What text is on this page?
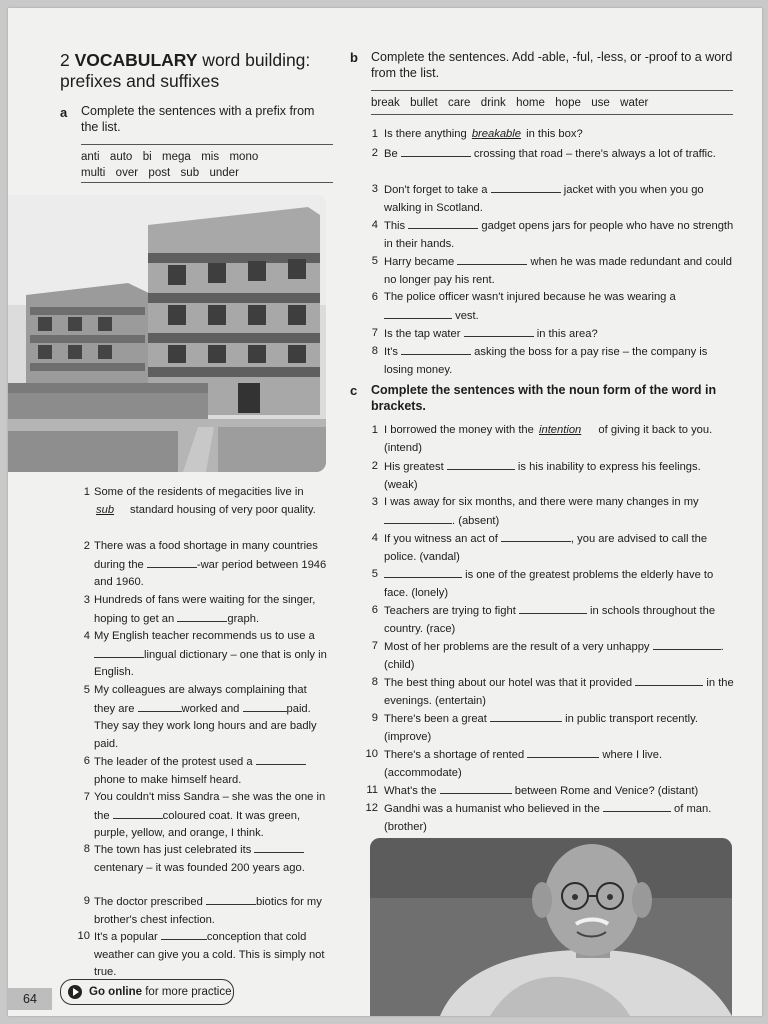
2 VOCABULARY word building:
prefixes and suffixes
a Complete the sentences with a prefix from the list.
anti  auto  bi  mega  mis  mono
multi  over  post  sub  under
1 Some of the residents of megacities live in sub standard housing of very poor quality.
2 There was a food shortage in many countries during the	-war period between 1946 and 1960.
3 Hundreds of fans were waiting for the singer, hoping to get an	graph.
4 My English teacher recommends us to use a lingual dictionary – one that is only in English.
5 My colleagues are always complaining that they are	worked and	paid. They say they work long hours and are badly paid.
6 The leader of the protest used a phone to make himself heard.
7 You couldn't miss Sandra – she was the one in the	coloured coat. It was green, purple, yellow, and orange, I think.
8 The town has just celebrated its centenary – it was founded 200 years ago.
9 The doctor prescribed	biotics for my brother's chest infection.
10 It's a popular	conception that cold weather can give you a cold. This is simply not true.
b Complete the sentences. Add -able, -ful, -less, or -proof to a word from the list.
break  bullet  care  drink  home  hope  use  water
1 Is there anything breakable in this box?
2 Be	crossing that road – there's always a lot of traffic.
3 Don't forget to take a	jacket with you when you go walking in Scotland.
4 This	gadget opens jars for people who have no strength in their hands.
5 Harry became	when he was made redundant and could no longer pay his rent.
6 The police officer wasn't injured because he was wearing a  vest.
7 Is the tap water	in this area?
8 It's	asking the boss for a pay rise – the company is losing money.
c Complete the sentences with the noun form of the word in brackets.
1 I borrowed the money with the intention of giving it back to you. (intend)
2 His greatest	is his inability to express his feelings. (weak)
3 I was away for six months, and there were many changes in my . (absent)
4 If you witness an act of	, you are advised to call the police. (vandal)
5	is one of the greatest problems the elderly have to face. (lonely)
6 Teachers are trying to fight	in schools throughout the country. (race)
7 Most of her problems are the result of a very unhappy	. (child)
8 The best thing about our hotel was that it provided	in the evenings. (entertain)
9 There's been a great	in public transport recently. (improve)
10 There's a shortage of rented	where I live. (accommodate)
11 What's the	between Rome and Venice? (distant)
12 Gandhi was a humanist who believed in the	of man. (brother)
64	Go online for more practice
